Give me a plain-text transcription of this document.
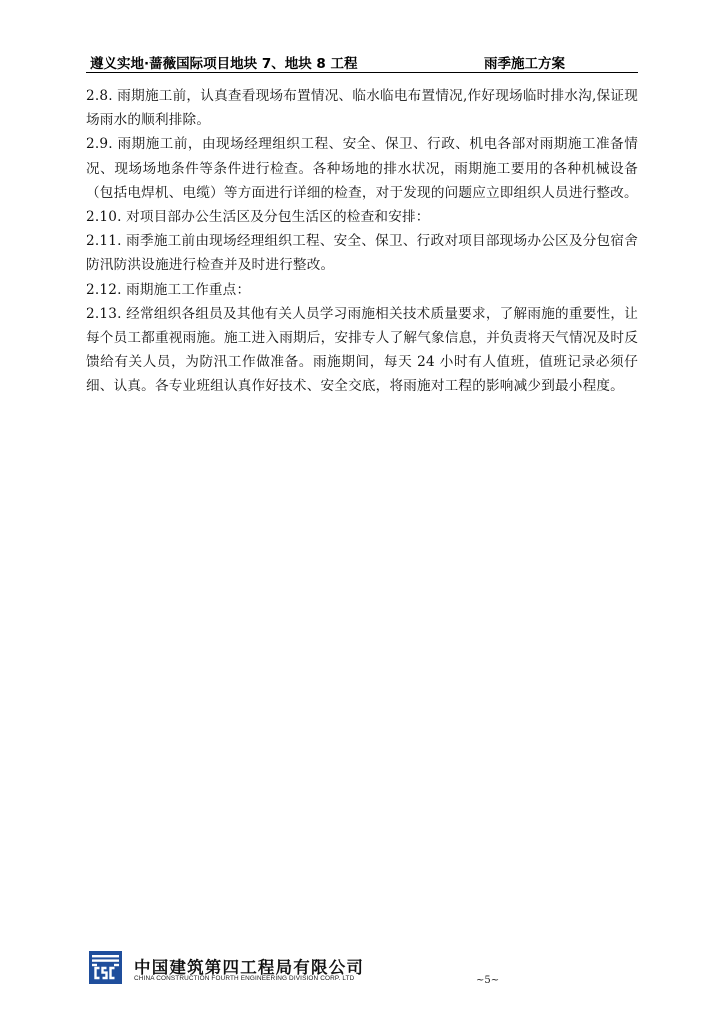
遵义实地·蔷薇国际项目地块 7、地块 8 工程	雨季施工方案

2.8. 雨期施工前，认真查看现场布置情况、临水临电布置情况,作好现场临时排水沟,保证现场雨水的顺利排除。

2.9. 雨期施工前，由现场经理组织工程、安全、保卫、行政、机电各部对雨期施工准备情况、现场场地条件等条件进行检查。各种场地的排水状况，雨期施工要用的各种机械设备（包括电焊机、电缆）等方面进行详细的检查，对于发现的问题应立即组织人员进行整改。

2.10. 对项目部办公生活区及分包生活区的检查和安排：

2.11. 雨季施工前由现场经理组织工程、安全、保卫、行政对项目部现场办公区及分包宿舍防汛防洪设施进行检查并及时进行整改。

2.12. 雨期施工工作重点：

2.13. 经常组织各组员及其他有关人员学习雨施相关技术质量要求，了解雨施的重要性，让每个员工都重视雨施。施工进入雨期后，安排专人了解气象信息，并负责将天气情况及时反馈给有关人员，为防汛工作做准备。雨施期间，每天 24 小时有人值班，值班记录必须仔细、认真。各专业班组认真作好技术、安全交底，将雨施对工程的影响减少到最小程度。

中国建筑第四工程局有限公司
CHINA CONSTRUCTION FOURTH ENGINEERING DIVISION CORP. LTD	~5~
